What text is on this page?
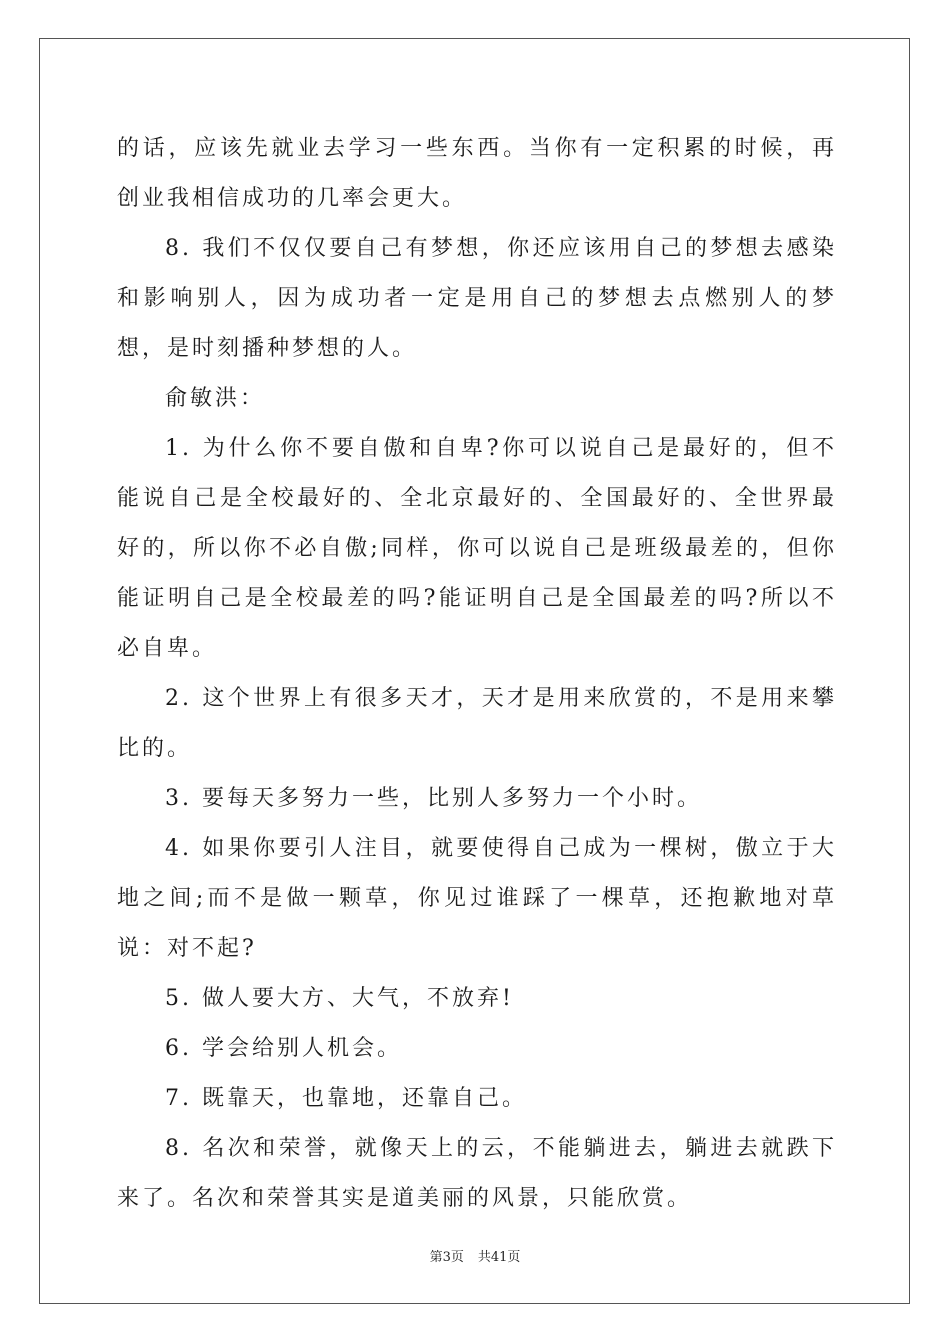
的话，应该先就业去学习一些东西。当你有一定积累的时候，再创业我相信成功的几率会更大。

8. 我们不仅仅要自己有梦想，你还应该用自己的梦想去感染和影响别人，因为成功者一定是用自己的梦想去点燃别人的梦想，是时刻播种梦想的人。

俞敏洪：

1. 为什么你不要自傲和自卑?你可以说自己是最好的，但不能说自己是全校最好的、全北京最好的、全国最好的、全世界最好的，所以你不必自傲;同样，你可以说自己是班级最差的，但你能证明自己是全校最差的吗?能证明自己是全国最差的吗?所以不必自卑。

2. 这个世界上有很多天才，天才是用来欣赏的，不是用来攀比的。

3. 要每天多努力一些，比别人多努力一个小时。

4. 如果你要引人注目，就要使得自己成为一棵树，傲立于大地之间;而不是做一颗草，你见过谁踩了一棵草，还抱歉地对草说：对不起?

5. 做人要大方、大气，不放弃!

6. 学会给别人机会。

7. 既靠天，也靠地，还靠自己。

8. 名次和荣誉，就像天上的云，不能躺进去，躺进去就跌下来了。名次和荣誉其实是道美丽的风景，只能欣赏。

第3页 共41页
